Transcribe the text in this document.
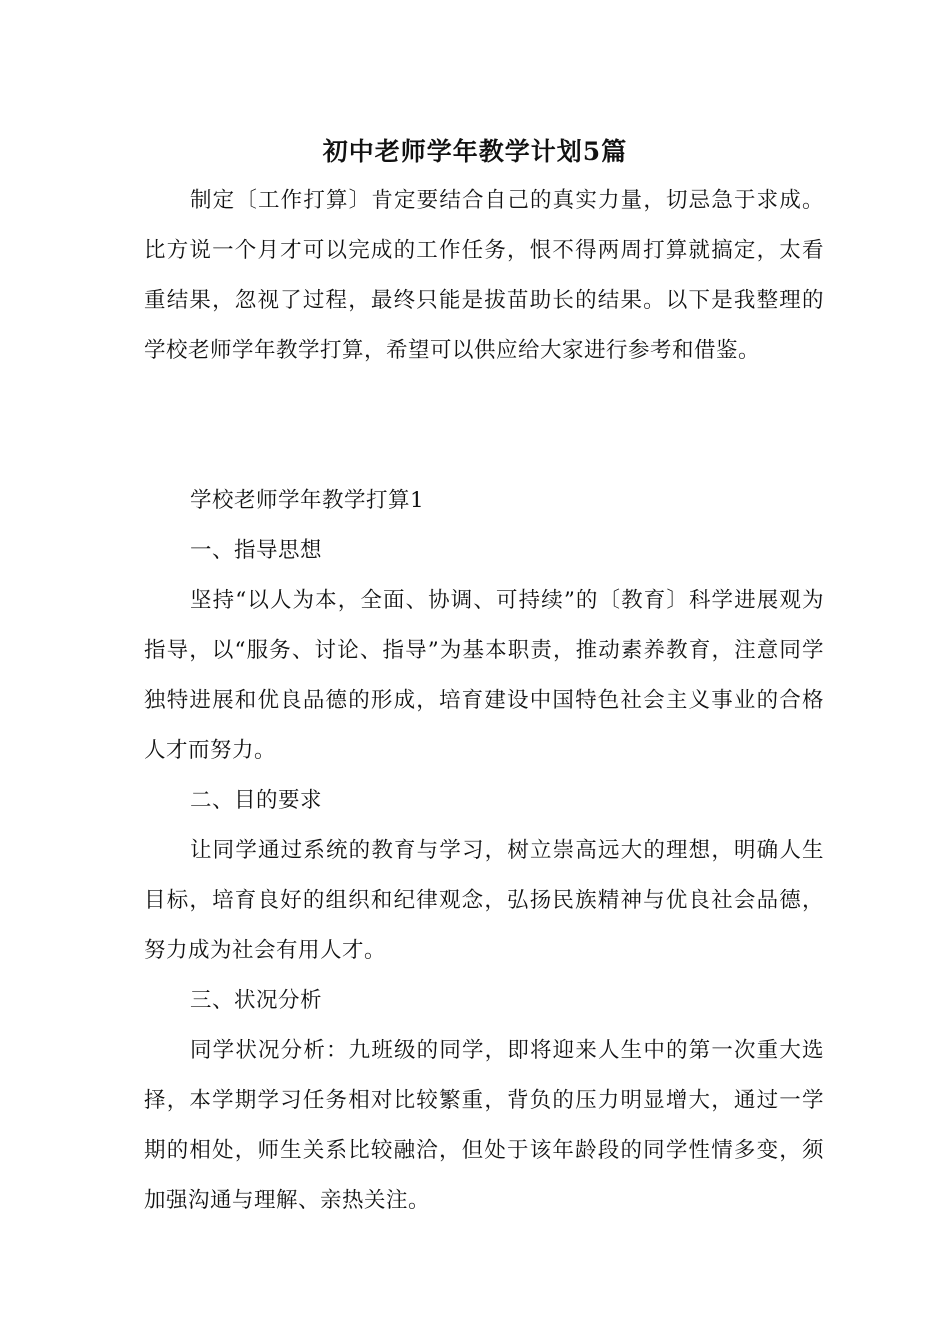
初中老师学年教学计划5篇
制定〔工作打算〕肯定要结合自己的真实力量，切忌急于求成。比方说一个月才可以完成的工作任务，恨不得两周打算就搞定，太看重结果，忽视了过程，最终只能是拔苗助长的结果。以下是我整理的学校老师学年教学打算，希望可以供应给大家进行参考和借鉴。
学校老师学年教学打算1
一、指导思想
坚持“以人为本，全面、协调、可持续”的〔教育〕科学进展观为指导，以“服务、讨论、指导”为基本职责，推动素养教育，注意同学独特进展和优良品德的形成，培育建设中国特色社会主义事业的合格人才而努力。
二、目的要求
让同学通过系统的教育与学习，树立崇高远大的理想，明确人生目标，培育良好的组织和纪律观念，弘扬民族精神与优良社会品德，努力成为社会有用人才。
三、状况分析
同学状况分析：九班级的同学，即将迎来人生中的第一次重大选择，本学期学习任务相对比较繁重，背负的压力明显增大，通过一学期的相处，师生关系比较融洽，但处于该年龄段的同学性情多变，须加强沟通与理解、亲热关注。
